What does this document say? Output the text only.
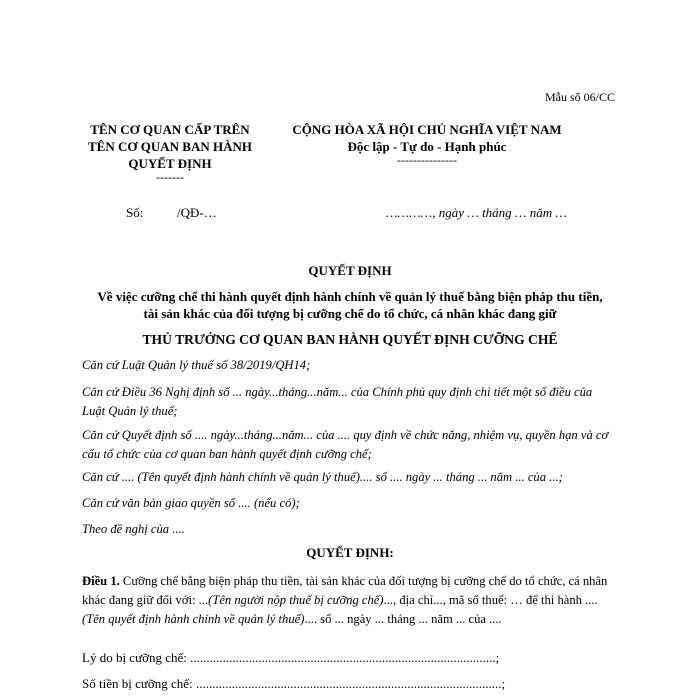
Mẫu số 06/CC
TÊN CƠ QUAN CẤP TRÊN
TÊN CƠ QUAN BAN HÀNH
QUYẾT ĐỊNH
-------
CỘNG HÒA XÃ HỘI CHỦ NGHĨA VIỆT NAM
Độc lập - Tự do - Hạnh phúc
---------------
Số:	/QĐ-…	…………, ngày … tháng … năm …
QUYẾT ĐỊNH
Về việc cưỡng chế thi hành quyết định hành chính về quản lý thuế bằng biện pháp thu tiền,
tài sản khác của đối tượng bị cưỡng chế do tổ chức, cá nhân khác đang giữ
THỦ TRƯỞNG CƠ QUAN BAN HÀNH QUYẾT ĐỊNH CƯỠNG CHẾ
Căn cứ Luật Quản lý thuế số 38/2019/QH14;
Căn cứ Điều 36 Nghị định số ... ngày...tháng...năm... của Chính phủ quy định chi tiết một số điều của Luật Quản lý thuế;
Căn cứ Quyết định số .... ngày...tháng...năm... của .... quy định về chức năng, nhiệm vụ, quyền hạn và cơ cấu tổ chức của cơ quan ban hành quyết định cưỡng chế;
Căn cứ .... (Tên quyết định hành chính về quản lý thuế).... số .... ngày ... tháng ... năm ... của ...;
Căn cứ văn bản giao quyền số .... (nếu có);
Theo đề nghị của ....
QUYẾT ĐỊNH:
Điều 1. Cưỡng chế bằng biện pháp thu tiền, tài sản khác của đối tượng bị cưỡng chế do tổ chức, cá nhân khác đang giữ đối với: ...(Tên người nộp thuế bị cưỡng chế)..., địa chỉ..., mã số thuế: … để thi hành .... (Tên quyết định hành chính về quản lý thuế).... số ... ngày ... tháng ... năm ... của ....
Lý do bị cưỡng chế: ..............................................................................................;
Số tiền bị cưỡng chế: ..............................................................................................;
